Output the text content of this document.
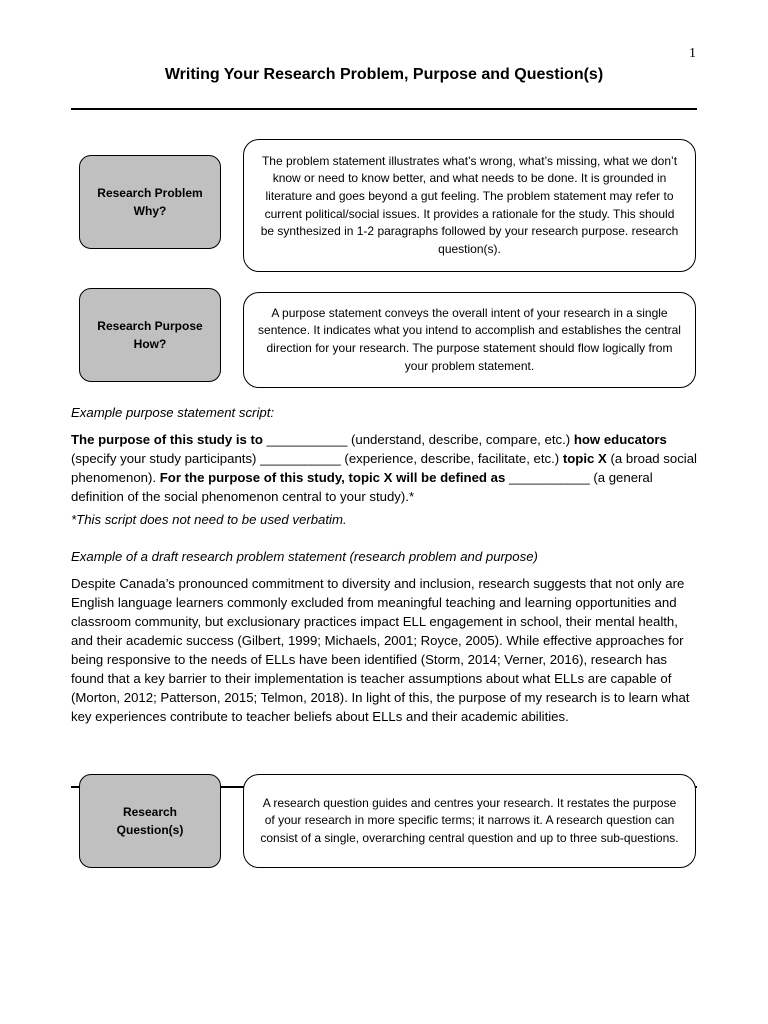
1
Writing Your Research Problem, Purpose and Question(s)
Research Problem
Why?
The problem statement illustrates what’s wrong, what’s missing, what we don’t know or need to know better, and what needs to be done. It is grounded in literature and goes beyond a gut feeling. The problem statement may refer to current political/social issues. It provides a rationale for the study. This should be synthesized in 1-2 paragraphs followed by your research purpose. research question(s).
Research Purpose
How?
A purpose statement conveys the overall intent of your research in a single sentence. It indicates what you intend to accomplish and establishes the central direction for your research. The purpose statement should flow logically from your problem statement.
Example purpose statement script:
The purpose of this study is to ___________ (understand, describe, compare, etc.) how educators (specify your study participants) ___________ (experience, describe, facilitate, etc.) topic X (a broad social phenomenon). For the purpose of this study, topic X will be defined as ___________ (a general definition of the social phenomenon central to your study).*
*This script does not need to be used verbatim.
Example of a draft research problem statement (research problem and purpose)
Despite Canada’s pronounced commitment to diversity and inclusion, research suggests that not only are English language learners commonly excluded from meaningful teaching and learning opportunities and classroom community, but exclusionary practices impact ELL engagement in school, their mental health, and their academic success (Gilbert, 1999; Michaels, 2001; Royce, 2005). While effective approaches for being responsive to the needs of ELLs have been identified (Storm, 2014; Verner, 2016), research has found that a key barrier to their implementation is teacher assumptions about what ELLs are capable of (Morton, 2012; Patterson, 2015; Telmon, 2018). In light of this, the purpose of my research is to learn what key experiences contribute to teacher beliefs about ELLs and their academic abilities.
Research
Question(s)
A research question guides and centres your research. It restates the purpose of your research in more specific terms; it narrows it. A research question can consist of a single, overarching central question and up to three sub-questions.
